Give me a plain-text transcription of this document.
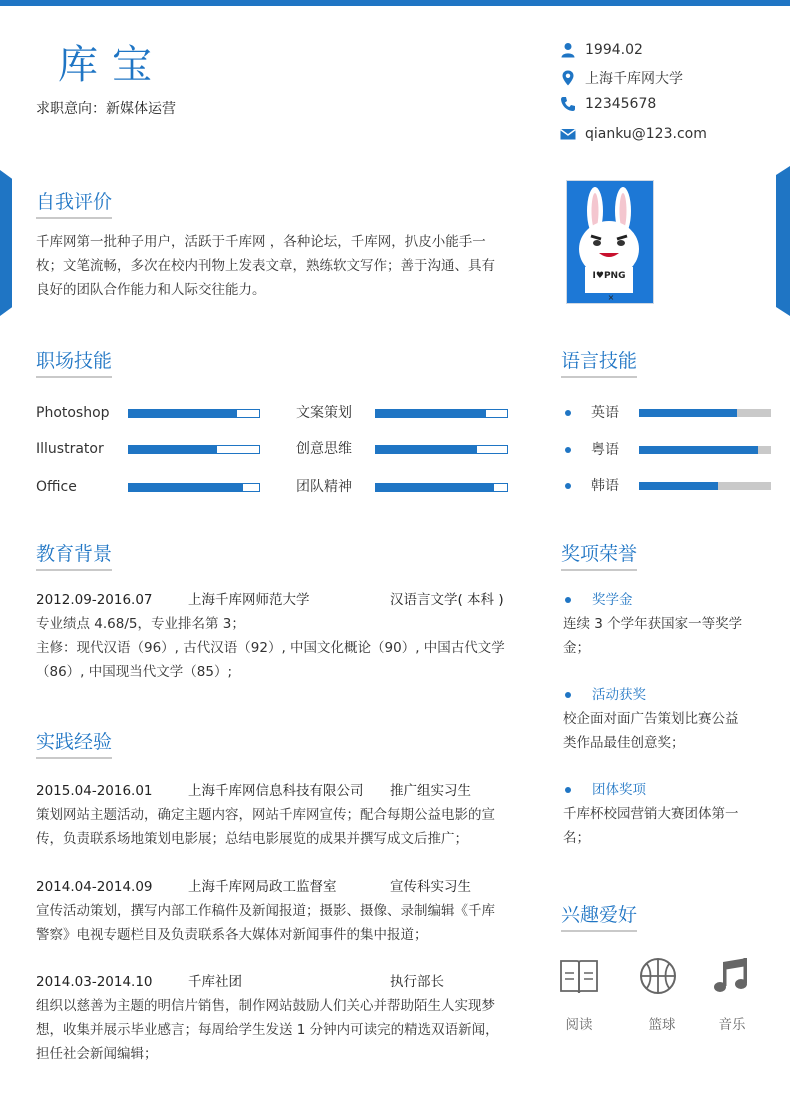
库宝
求职意向：新媒体运营
1994.02
上海千库网大学
12345678
qianku@123.com
自我评价
千库网第一批种子用户，活跃于千库网 ，各种论坛，千库网，扒皮小能手一
枚；文笔流畅，多次在校内刊物上发表文章，熟练软文写作；善于沟通、具有
良好的团队合作能力和人际交往能力。
I♥PNG
×
职场技能
Photoshop
Illustrator
Office
文案策划
创意思维
团队精神
语言技能
英语
粤语
韩语
教育背景
2012.09-2016.07	上海千库网师范大学	汉语言文学( 本科 )
专业绩点 4.68/5，专业排名第 3；
主修：现代汉语（96）, 古代汉语（92）, 中国文化概论（90）, 中国古代文学
（86）, 中国现当代文学（85）;
实践经验
2015.04-2016.01	上海千库网信息科技有限公司 推广组实习生
策划网站主题活动，确定主题内容，网站千库网宣传；配合每期公益电影的宣
传，负责联系场地策划电影展；总结电影展览的成果并撰写成文后推广；
2014.04-2014.09	上海千库网局政工监督室	宣传科实习生
宣传活动策划，撰写内部工作稿件及新闻报道；摄影、摄像、录制编辑《千库
警察》电视专题栏目及负责联系各大媒体对新闻事件的集中报道；
2014.03-2014.10	千库社团	执行部长
组织以慈善为主题的明信片销售，制作网站鼓励人们关心并帮助陌生人实现梦
想，收集并展示毕业感言；每周给学生发送 1 分钟内可读完的精选双语新闻，
担任社会新闻编辑；
奖项荣誉
奖学金
连续 3 个学年获国家一等奖学
金；
活动获奖
校企面对面广告策划比赛公益
类作品最佳创意奖；
团体奖项
千库杯校园营销大赛团体第一
名；
兴趣爱好
阅读	篮球	音乐
